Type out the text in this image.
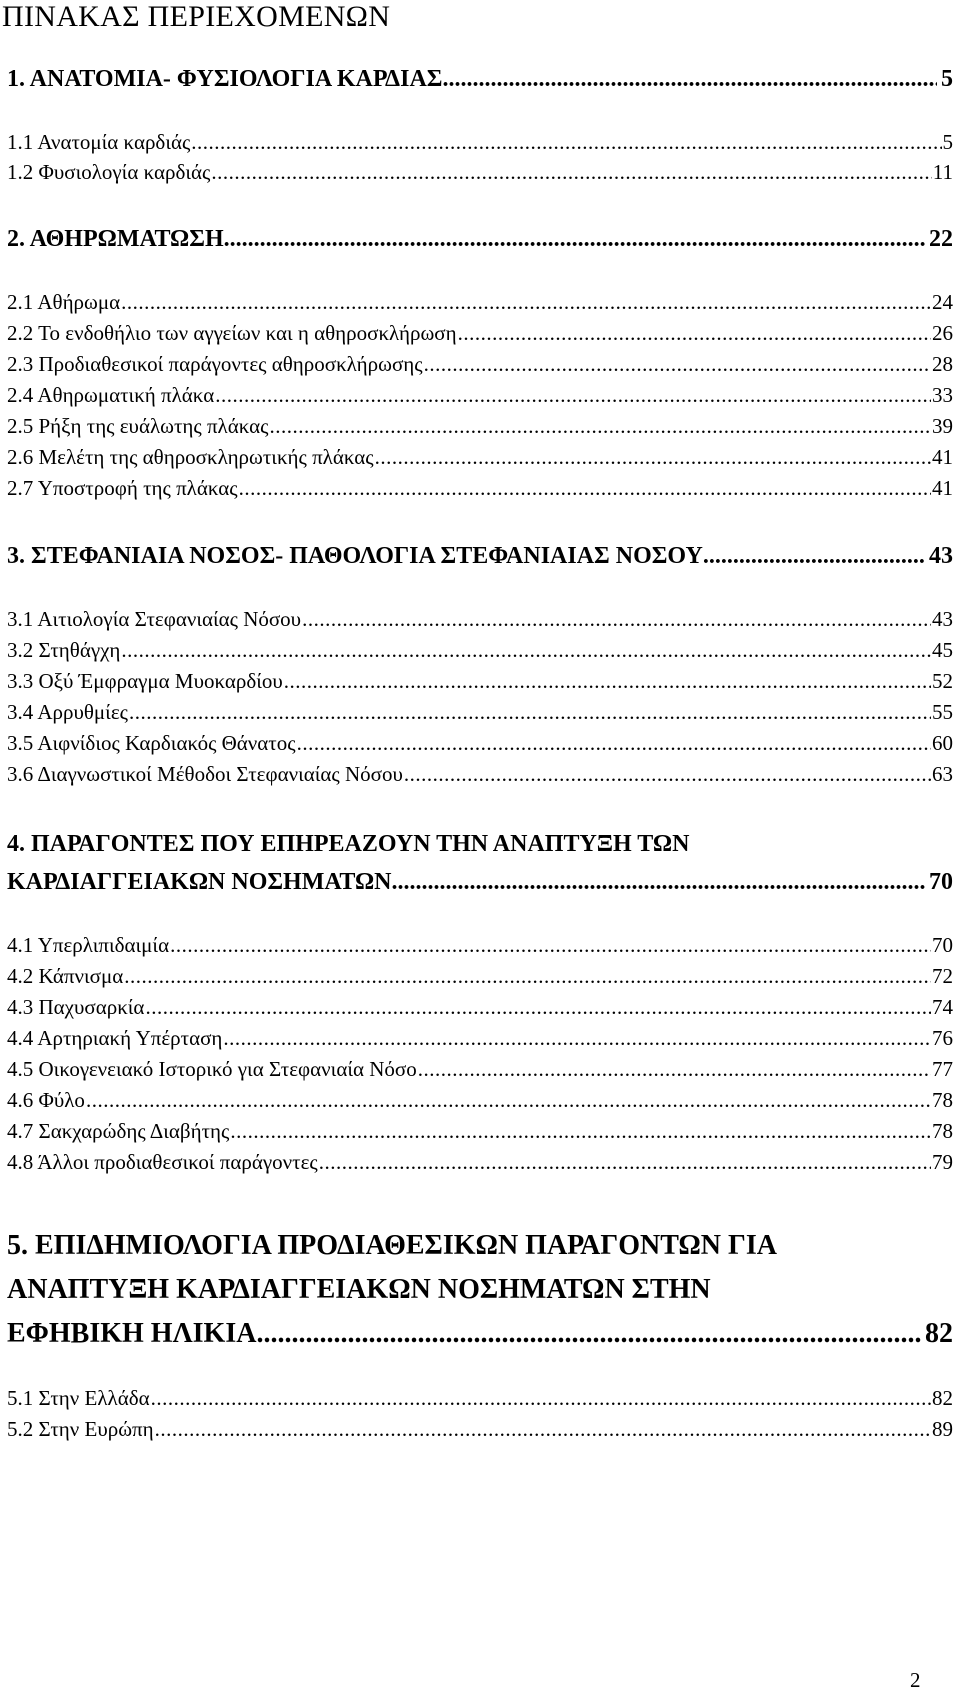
ΠΙΝΑΚΑΣ ΠΕΡΙΕΧΟΜΕΝΩΝ
1. ΑΝΑΤΟΜΙΑ- ΦΥΣΙΟΛΟΓΙΑ ΚΑΡΔΙΑΣ .....	5
1.1 Ανατομία καρδιάς .....	5
1.2 Φυσιολογία καρδιάς .....	11
2. ΑΘΗΡΩΜΑΤΩΣΗ .....	22
2.1 Αθήρωμα .....	24
2.2 Το ενδοθήλιο των αγγείων και η αθηροσκλήρωση .....	26
2.3 Προδιαθεσικοί παράγοντες αθηροσκλήρωσης .....	28
2.4 Αθηρωματική πλάκα .....	33
2.5 Ρήξη της ευάλωτης πλάκας .....	39
2.6 Μελέτη της αθηροσκληρωτικής πλάκας .....	41
2.7 Υποστροφή της πλάκας .....	41
3. ΣΤΕΦΑΝΙΑΙΑ ΝΟΣΟΣ- ΠΑΘΟΛΟΓΙΑ ΣΤΕΦΑΝΙΑΙΑΣ ΝΟΣΟΥ .....	43
3.1 Αιτιολογία Στεφανιαίας Νόσου .....	43
3.2 Στηθάγχη .....	45
3.3 Οξύ Έμφραγμα Μυοκαρδίου .....	52
3.4 Αρρυθμίες .....	55
3.5 Αιφνίδιος Καρδιακός Θάνατος .....	60
3.6 Διαγνωστικοί Μέθοδοι Στεφανιαίας Νόσου .....	63
4. ΠΑΡΑΓΟΝΤΕΣ ΠΟΥ ΕΠΗΡΕΑΖΟΥΝ ΤΗΝ ΑΝΑΠΤΥΞΗ ΤΩΝ
ΚΑΡΔΙΑΓΓΕΙΑΚΩΝ ΝΟΣΗΜΑΤΩΝ .....	70
4.1 Υπερλιπιδαιμία .....	70
4.2 Κάπνισμα .....	72
4.3 Παχυσαρκία .....	74
4.4 Αρτηριακή Υπέρταση .....	76
4.5 Οικογενειακό Ιστορικό για Στεφανιαία Νόσο .....	77
4.6 Φύλο .....	78
4.7 Σακχαρώδης Διαβήτης .....	78
4.8 Άλλοι προδιαθεσικοί παράγοντες .....	79
5. ΕΠΙΔΗΜΙΟΛΟΓΙΑ ΠΡΟΔΙΑΘΕΣΙΚΩΝ ΠΑΡΑΓΟΝΤΩΝ ΓΙΑ
ΑΝΑΠΤΥΞΗ ΚΑΡΔΙΑΓΓΕΙΑΚΩΝ ΝΟΣΗΜΑΤΩΝ ΣΤΗΝ
ΕΦΗΒΙΚΗ ΗΛΙΚΙΑ .....	82
5.1 Στην Ελλάδα .....	82
5.2 Στην Ευρώπη .....	89
2
